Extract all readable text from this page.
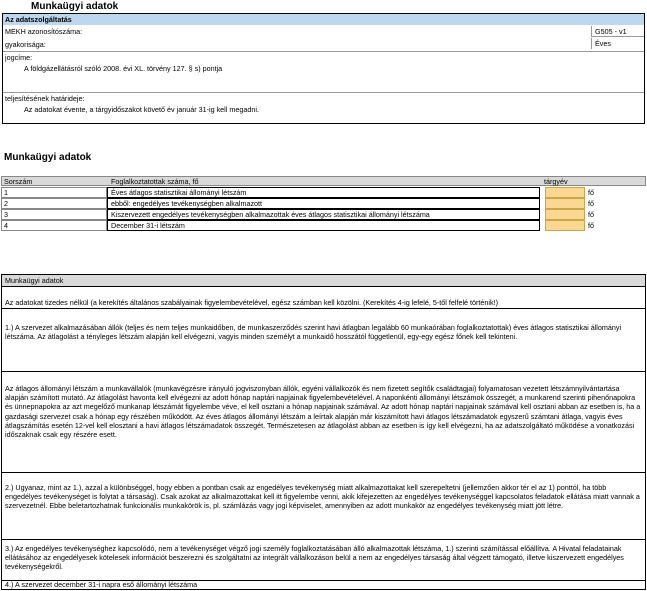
Munkaügyi adatok
Az adatszolgáltatás
MEKH azonosítószáma:	G505 - v1
gyakorisága:	Éves
jogcíme:
A földgázellátásról szóló 2008. évi XL. törvény 127. § s) pontja
teljesítésének határideje:
Az adatokat évente, a tárgyidőszakot követő év január 31-ig kell megadni.
Munkaügyi adatok
Sorszám	Foglalkoztatottak száma, fő	tárgyév
1	Éves átlagos statisztikai állományi létszám	fő
2	ebből: engedélyes tevékenységben alkalmazott	fő
3	Kiszervezett engedélyes tevékenységben alkalmazottak éves átlagos statisztikai állományi létszáma	fő
4	December 31-i létszám	fő
Munkaügyi adatok
Az adatokat tizedes nélkül (a kerekítés általános szabályainak figyelembevételével, egész számban kell közölni. (Kerekítés 4-ig lefelé, 5-től felfelé történik!)
1.) A szervezet alkalmazásában állók (teljes és nem teljes munkaidőben, de munkaszerződés szerint havi átlagban legalább 60 munkaórában foglalkoztatottak) éves átlagos statisztikai állományi létszáma. Az átlagolást a tényleges létszám alapján kell elvégezni, vagyis minden személyt a munkaidő hosszától függetlenül, egy-egy egész főnek kell tekinteni.
Az átlagos állományi létszám a munkavállalók (munkavégzésre irányuló jogviszonyban állók, egyéni vállalkozók és nem fizetett segítők családtagjai) folyamatosan vezetett létszámnyilvántartása alapján számított mutató. Az átlagolást havonta kell elvégezni az adott hónap naptári napjainak figyelembevételével. A naponkénti állományi létszámok összegét, a munkarend szerinti pihenőnapokra és ünnepnapokra az azt megelőző munkanap létszámát figyelembe véve, el kell osztani a hónap napjainak számával. Az adott hónap naptári napjainak számával kell osztani abban az esetben is, ha a gazdasági szervezet csak a hónap egy részében működött. Az éves átlagos állományi létszám a leírtak alapján már kiszámított havi átlagos létszámadatok egyszerű számtani átlaga, vagyis éves átlagszámítás esetén 12-vel kell elosztani a havi átlagos létszámadatok összegét. Természetesen az átlagolást abban az esetben is így kell elvégezni, ha az adatszolgáltató működése a vonatkozási időszaknak csak egy részére esett.
2.) Ugyanaz, mint az 1.), azzal a különbséggel, hogy ebben a pontban csak az engedélyes tevékenység miatt alkalmazottakat kell szerepeltetni (jellemzően akkor tér el az 1) ponttól, ha több engedélyes tevékenységet is folytat a társaság). Csak azokat az alkalmazottakat kell itt figyelembe venni, akik kifejezetten az engedélyes tevékenységgel kapcsolatos feladatok ellátása miatt vannak a szervezetnél. Ebbe beletartozhatnak funkcionális munkakörök is, pl. számlázás vagy jogi képviselet, amennyiben az adott munkakör az engedélyes tevékenység miatt jött létre.
3.) Az engedélyes tevékenységhez kapcsolódó, nem a tevékenységet végző jogi személy foglalkoztatásában álló alkalmazottak létszáma, 1.) szerinti számítással előállítva. A Hivatal feladatainak ellátásához az engedélyesek kötelesek információt beszerezni és szolgáltatni az integrált vállalkozáson belül a nem az engedélyes társaság által végzett támogató, illetve kiszervezett engedélyes tevékenységekről.
4.) A szervezet december 31-i napra eső állományi létszáma
